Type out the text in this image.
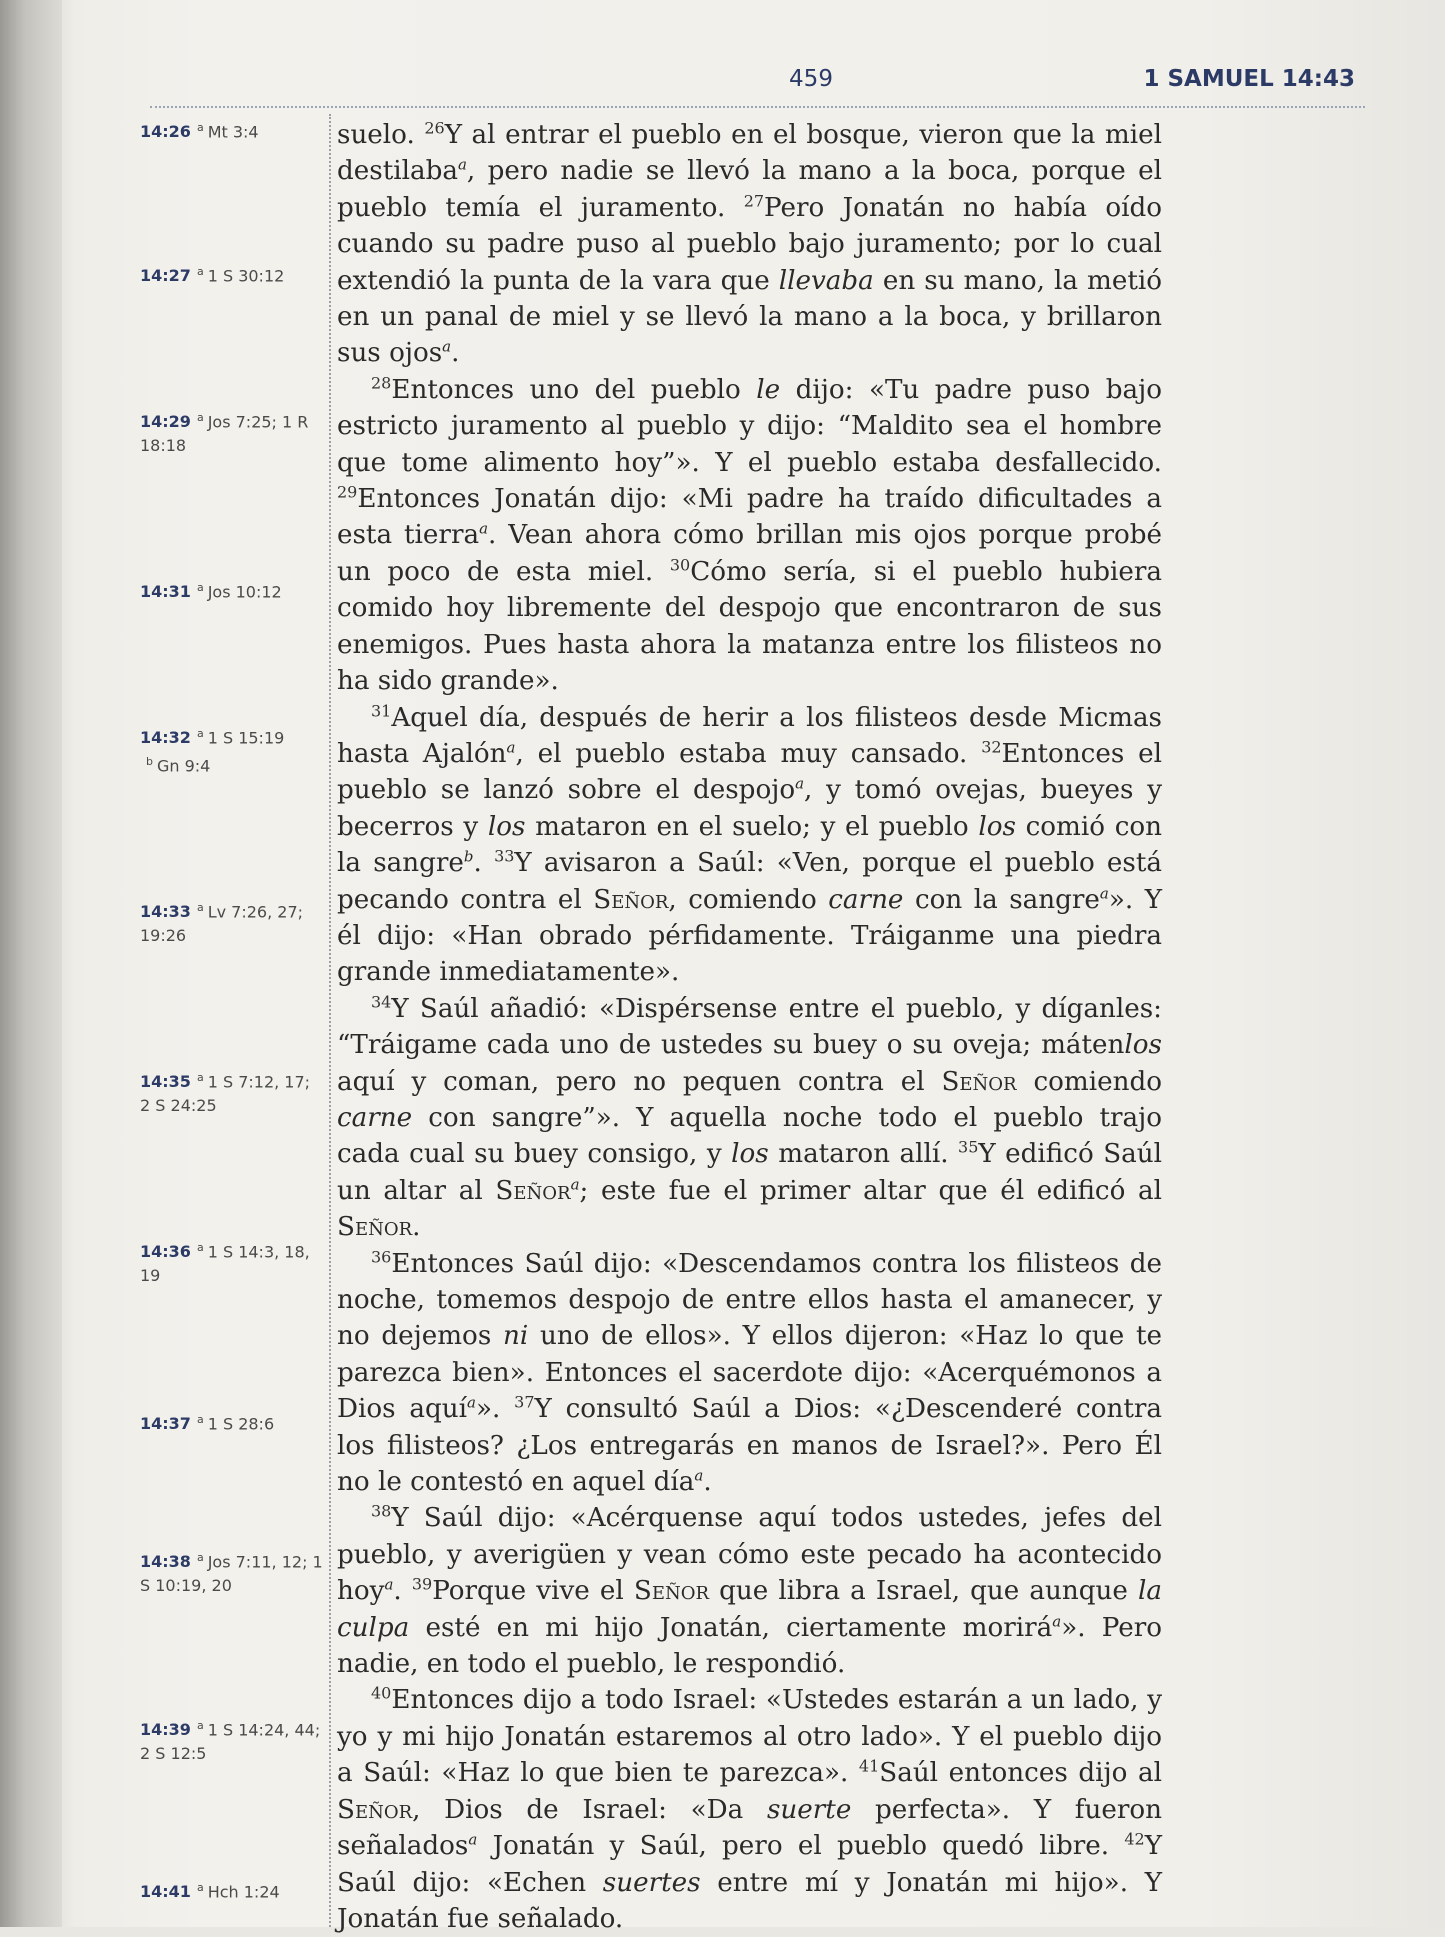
459	1 SAMUEL 14:43
14:26 $^a$ Mt 3:4
14:27 $^a$ 1 S 30:12
14:29 $^a$ Jos 7:25; 1 R 18:18
14:31 $^a$ Jos 10:12
14:32 $^a$ 1 S 15:19
$^b$ Gn 9:4
14:33 $^a$ Lv 7:26, 27; 19:26
14:35 $^a$ 1 S 7:12, 17; 2 S 24:25
14:36 $^a$ 1 S 14:3, 18, 19
14:37 $^a$ 1 S 28:6
14:38 $^a$ Jos 7:11, 12; 1 S 10:19, 20
14:39 $^a$ 1 S 14:24, 44; 2 S 12:5
14:41 $^a$ Hch 1:24

suelo. $^{26}$Y al entrar el pueblo en el bosque, vieron que la miel destilaba$^a$, pero nadie se llevó la mano a la boca, porque el pueblo temía el juramento. $^{27}$Pero Jonatán no había oído cuando su padre puso al pueblo bajo juramento; por lo cual extendió la punta de la vara que llevaba en su mano, la metió en un panal de miel y se llevó la mano a la boca, y brillaron sus ojos$^a$.

$^{28}$Entonces uno del pueblo le dijo: «Tu padre puso bajo estricto juramento al pueblo y dijo: “Maldito sea el hombre que tome alimento hoy”». Y el pueblo estaba desfallecido. $^{29}$Entonces Jonatán dijo: «Mi padre ha traído dificultades a esta tierra$^a$. Vean ahora cómo brillan mis ojos porque probé un poco de esta miel. $^{30}$Cómo sería, si el pueblo hubiera comido hoy libremente del despojo que encontraron de sus enemigos. Pues hasta ahora la matanza entre los filisteos no ha sido grande».

$^{31}$Aquel día, después de herir a los filisteos desde Micmas hasta Ajalón$^a$, el pueblo estaba muy cansado. $^{32}$Entonces el pueblo se lanzó sobre el despojo$^a$, y tomó ovejas, bueyes y becerros y los mataron en el suelo; y el pueblo los comió con la sangre$^b$. $^{33}$Y avisaron a Saúl: «Ven, porque el pueblo está pecando contra el Señor, comiendo carne con la sangre$^a$». Y él dijo: «Han obrado pérfidamente. Tráiganme una piedra grande inmediatamente».

$^{34}$Y Saúl añadió: «Dispérsense entre el pueblo, y díganles: “Tráigame cada uno de ustedes su buey o su oveja; mátenlos aquí y coman, pero no pequen contra el Señor comiendo carne con sangre”». Y aquella noche todo el pueblo trajo cada cual su buey consigo, y los mataron allí. $^{35}$Y edificó Saúl un altar al Señor$^a$; este fue el primer altar que él edificó al Señor.

$^{36}$Entonces Saúl dijo: «Descendamos contra los filisteos de noche, tomemos despojo de entre ellos hasta el amanecer, y no dejemos ni uno de ellos». Y ellos dijeron: «Haz lo que te parezca bien». Entonces el sacerdote dijo: «Acerquémonos a Dios aquí$^a$». $^{37}$Y consultó Saúl a Dios: «¿Descenderé contra los filisteos? ¿Los entregarás en manos de Israel?». Pero Él no le contestó en aquel día$^a$.

$^{38}$Y Saúl dijo: «Acérquense aquí todos ustedes, jefes del pueblo, y averigüen y vean cómo este pecado ha acontecido hoy$^a$. $^{39}$Porque vive el Señor que libra a Israel, que aunque la culpa esté en mi hijo Jonatán, ciertamente morirá$^a$». Pero nadie, en todo el pueblo, le respondió.

$^{40}$Entonces dijo a todo Israel: «Ustedes estarán a un lado, y yo y mi hijo Jonatán estaremos al otro lado». Y el pueblo dijo a Saúl: «Haz lo que bien te parezca». $^{41}$Saúl entonces dijo al Señor, Dios de Israel: «Da suerte perfecta». Y fueron señalados$^a$ Jonatán y Saúl, pero el pueblo quedó libre. $^{42}$Y Saúl dijo: «Echen suertes entre mí y Jonatán mi hijo». Y Jonatán fue señalado.
